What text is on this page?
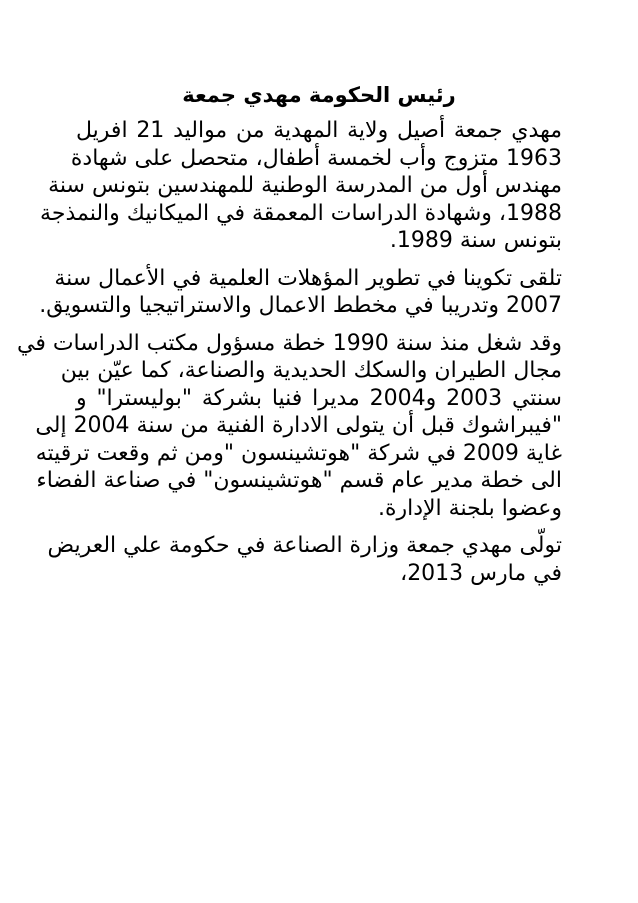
رئيس الحكومة مهدي جمعة

مهدي جمعة أصيل ولاية المهدية من مواليد 21 افريل
1963 متزوج وأب لخمسة أطفال، متحصل على شهادة
مهندس أول من المدرسة الوطنية للمهندسين بتونس سنة
1988، وشهادة الدراسات المعمقة في الميكانيك والنمذجة
بتونس سنة 1989.

تلقى تكوينا في تطوير المؤهلات العلمية في الأعمال سنة
2007 وتدريبا في مخطط الاعمال والاستراتيجيا والتسويق.

وقد شغل منذ سنة 1990 خطة مسؤول مكتب الدراسات في
مجال الطيران والسكك الحديدية والصناعة، كما عيّن بين
سنتي 2003 و2004 مديرا فنيا بشركة "بوليسترا" و
"فيبراشوك قبل أن يتولى الادارة الفنية من سنة 2004 إلى
غاية 2009 في شركة "هوتشينسون "ومن ثم وقعت ترقيته
الى خطة مدير عام قسم "هوتشينسون" في صناعة الفضاء
وعضوا بلجنة الإدارة.

تولّى مهدي جمعة وزارة الصناعة في حكومة علي العريض
في مارس 2013،
